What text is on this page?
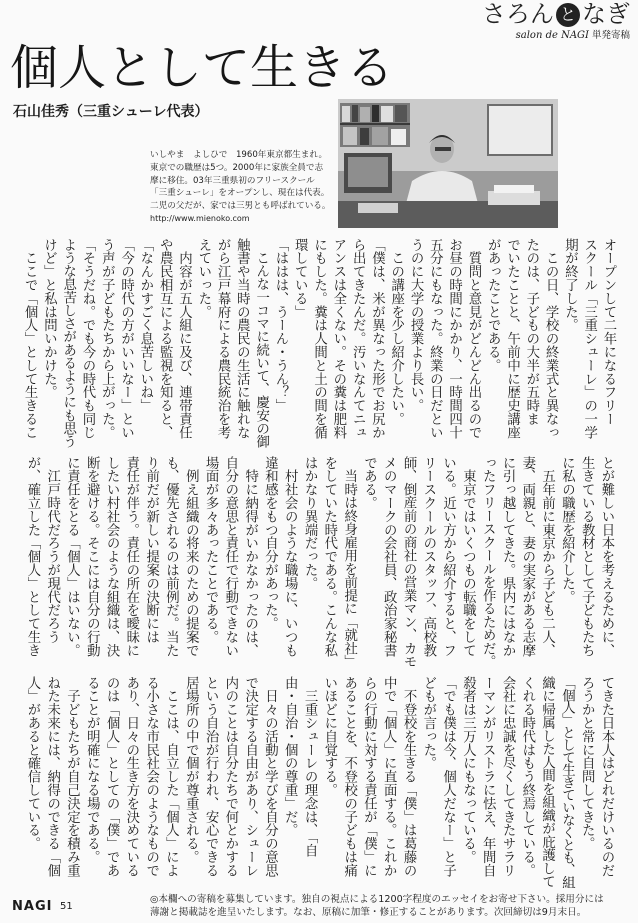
さろん と なぎ
salon de NAGI 単発寄稿
個人として生きる
石山佳秀（三重シューレ代表）
いしやま　よしひで　1960年東京都生まれ。
東京での職歴は5つ。2000年に家族全員で志
摩に移住。03年三重県初のフリースクール
「三重シューレ」をオープンし、現在は代表。
二児の父だが、家では三男とも呼ばれている。
http://www.mienoko.com
オープンして二年になるフリー
スクール「三重シューレ」の一学
期が終了した。
　この日、学校の終業式と異なっ
たのは、子どもの大半が五時ま
でいたことと、午前中に歴史講座
があったことである。
　質問と意見がどんどん出るので
お昼の時間にかかり、一時間四十
五分にもなった。終業の日だとい
うのに大学の授業より長い。
　この講座を少し紹介したい。
「僕は、米が異なった形でお尻か
ら出てきたんだ。汚いなんてニュ
アンスは全くない。その糞は肥料
にもした。糞は人間と土の間を循
環している」
「ははは、うーん・うん？」
　こんな一コマに続いて、慶安の御
触書や当時の農民の生活に触れな
がら江戸幕府による農民統治を考
えていった。
　内容が五人組に及び、連帯責任
や農民相互による監視を知ると、
「なんかすごく息苦しいね」
「今の時代の方がいいなー」とい
う声が子どもたちから上がった。
「そうだね。でも今の時代も同じ
ような息苦しさがあるようにも思う
けど」と私は問いかけた。
　ここで「個人」として生きるこ
とが難しい日本を考えるために、
生きている教材として子どもたち
に私の職歴を紹介した。
　五年前に東京から子ども二人、
妻、両親と、妻の実家がある志摩
に引っ越してきた。県内にはなか
ったフリースクールを作るためだ。
　東京ではいくつもの転職をして
いる。近い方から紹介すると、フ
リースクールのスタッフ、高校教
師、倒産前の商社の営業マン、カモ
メのマークの会社員、政治家秘書
である。
　当時は終身雇用を前提に「就社」
をしていた時代である。こんな私
はかなり異端だった。
　村社会のような職場に、いつも
違和感をもつ自分があった。
　特に納得がいかなかったのは、
自分の意思と責任で行動できない
場面が多々あったことである。
　例え組織の将来のための提案で
も、優先されるのは前例だ。当た
り前だが新しい提案の決断には
責任が伴う。責任の所在を曖昧に
したい村社会のような組織は、決
断を避ける。そこには自分の行動
に責任をとる「個人」はいない。
　江戸時代だろうが現代だろう
が、確立した「個人」として生き
てきた日本人はどれだけいるのだ
ろうかと常に自問してきた。
「個人」として生きていなくとも、組
織に帰属した人間を組織が庇護して
くれる時代はもう終焉している。
会社に忠誠を尽くしてきたサラリ
ーマンがリストラに怯え、年間自
殺者は三万人にもなっている。
「でも僕は今、個人だなー」と子
どもが言った。
　不登校を生きる「僕」は葛藤の
中で「個人」に直面する。これか
らの行動に対する責任が「僕」に
あることを、不登校の子どもは痛
いほどに自覚する。
　三重シューレの理念は、「自
由・自治・個の尊重」だ。
　日々の活動と学びを自分の意思
で決定する自由があり、シューレ
内のことは自分たちで何とかする
という自治が行われ、安心できる
居場所の中で個が尊重される。
　ここは、自立した「個人」によ
る小さな市民社会のようなもので
あり、日々の生き方を決めている
のは「個人」としての「僕」であ
ることが明確になる場である。
　子どもたちが自己決定を積み重
ねた未来には、納得のできる「個
人」があると確信している。
NAGI 51
◎本欄への寄稿を募集しています。独自の視点による1200字程度のエッセイをお寄せ下さい。採用分には
薄謝と掲載誌を進呈いたします。なお、原稿に加筆・修正することがあります。次回締切は9月末日。
